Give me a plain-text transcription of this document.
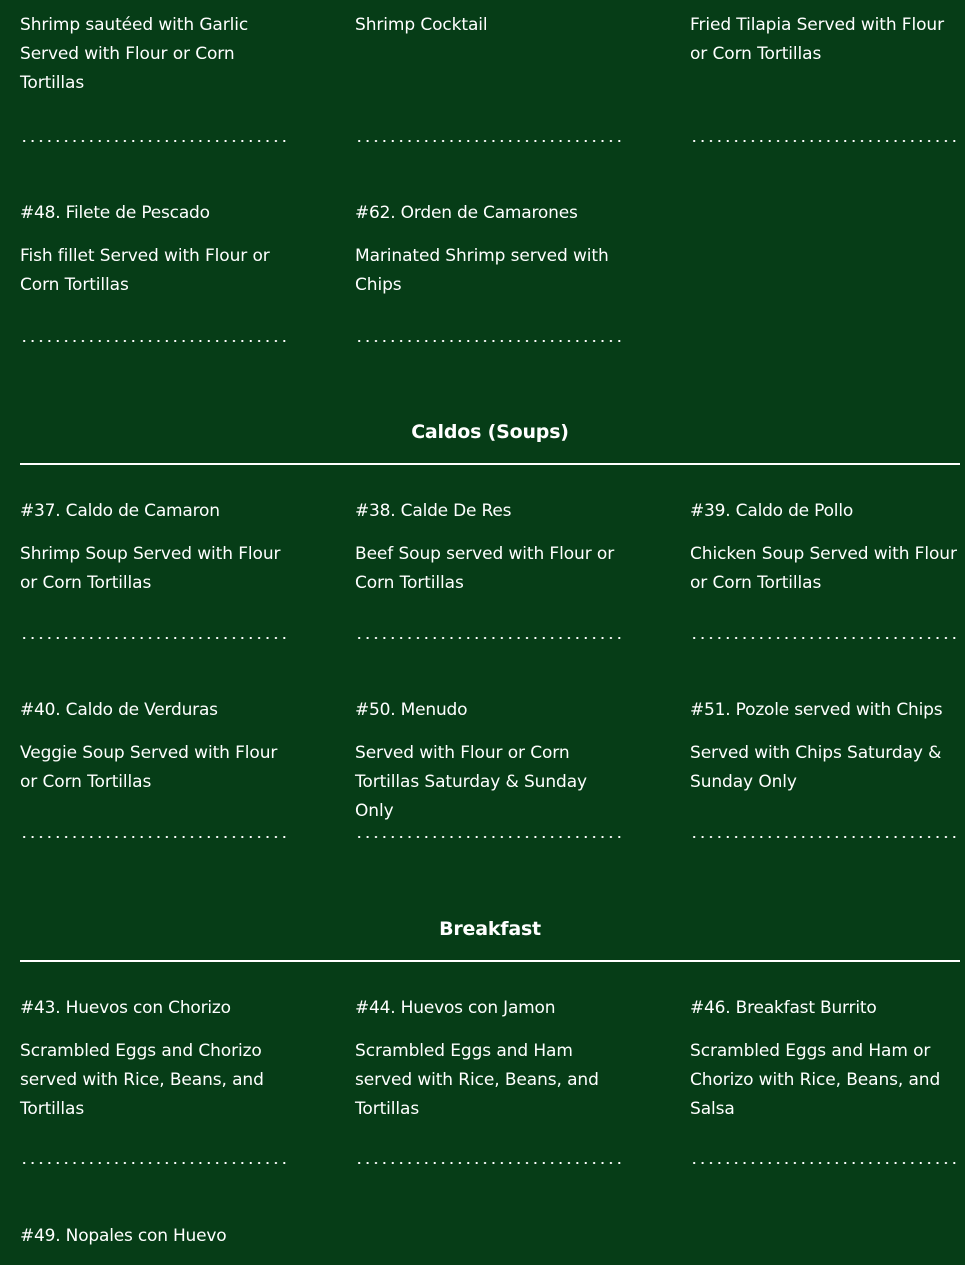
Shrimp sautéed with Garlic Served with Flour or Corn Tortillas

Shrimp Cocktail	Fried Tilapia Served with Flour or Corn Tortillas

#48. Filete de Pescado

Fish fillet Served with Flour or Corn Tortillas

#62. Orden de Camarones

Marinated Shrimp served with Chips

Caldos (Soups)

#37. Caldo de Camaron

Shrimp Soup Served with Flour or Corn Tortillas

#38. Calde De Res

Beef Soup served with Flour or Corn Tortillas

#39. Caldo de Pollo

Chicken Soup Served with Flour or Corn Tortillas

#40. Caldo de Verduras

Veggie Soup Served with Flour or Corn Tortillas

#50. Menudo

Served with Flour or Corn Tortillas Saturday & Sunday Only

#51. Pozole served with Chips

Served with Chips Saturday & Sunday Only

Breakfast

#43. Huevos con Chorizo

Scrambled Eggs and Chorizo served with Rice, Beans, and Tortillas

#44. Huevos con Jamon

Scrambled Eggs and Ham served with Rice, Beans, and Tortillas

#46. Breakfast Burrito

Scrambled Eggs and Ham or Chorizo with Rice, Beans, and Salsa

#49. Nopales con Huevo
